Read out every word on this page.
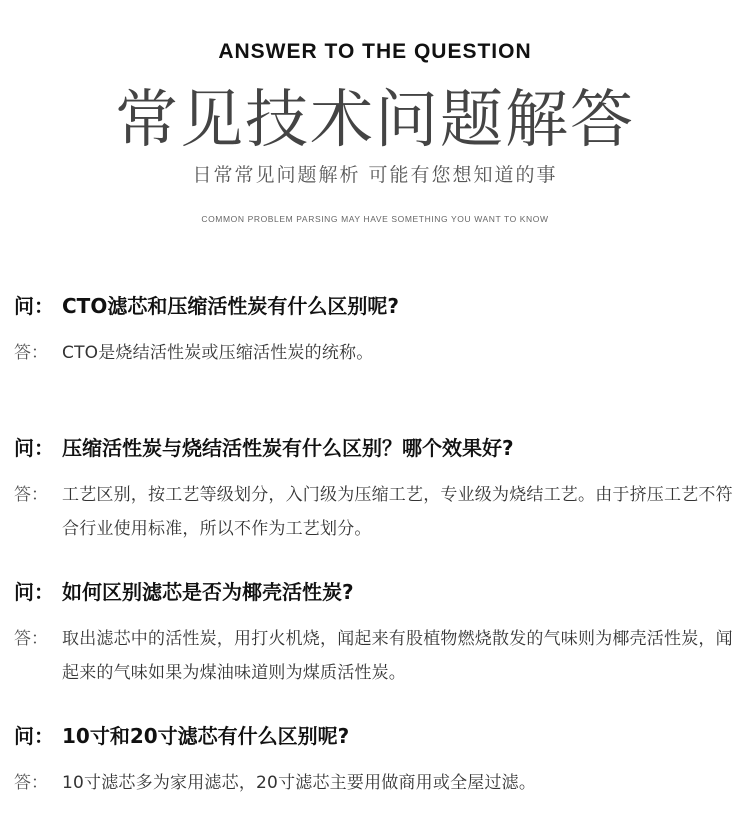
ANSWER TO THE QUESTION
常见技术问题解答
日常常见问题解析 可能有您想知道的事
COMMON PROBLEM PARSING MAY HAVE SOMETHING YOU WANT TO KNOW
问： CTO滤芯和压缩活性炭有什么区别呢?
答： CTO是烧结活性炭或压缩活性炭的统称。
问： 压缩活性炭与烧结活性炭有什么区别？哪个效果好?
答： 工艺区别，按工艺等级划分，入门级为压缩工艺，专业级为烧结工艺。由于挤压工艺不符合行业使用标准，所以不作为工艺划分。
问： 如何区别滤芯是否为椰壳活性炭?
答： 取出滤芯中的活性炭，用打火机烧，闻起来有股植物燃烧散发的气味则为椰壳活性炭，闻起来的气味如果为煤油味道则为煤质活性炭。
问： 10寸和20寸滤芯有什么区别呢?
答： 10寸滤芯多为家用滤芯，20寸滤芯主要用做商用或全屋过滤。
